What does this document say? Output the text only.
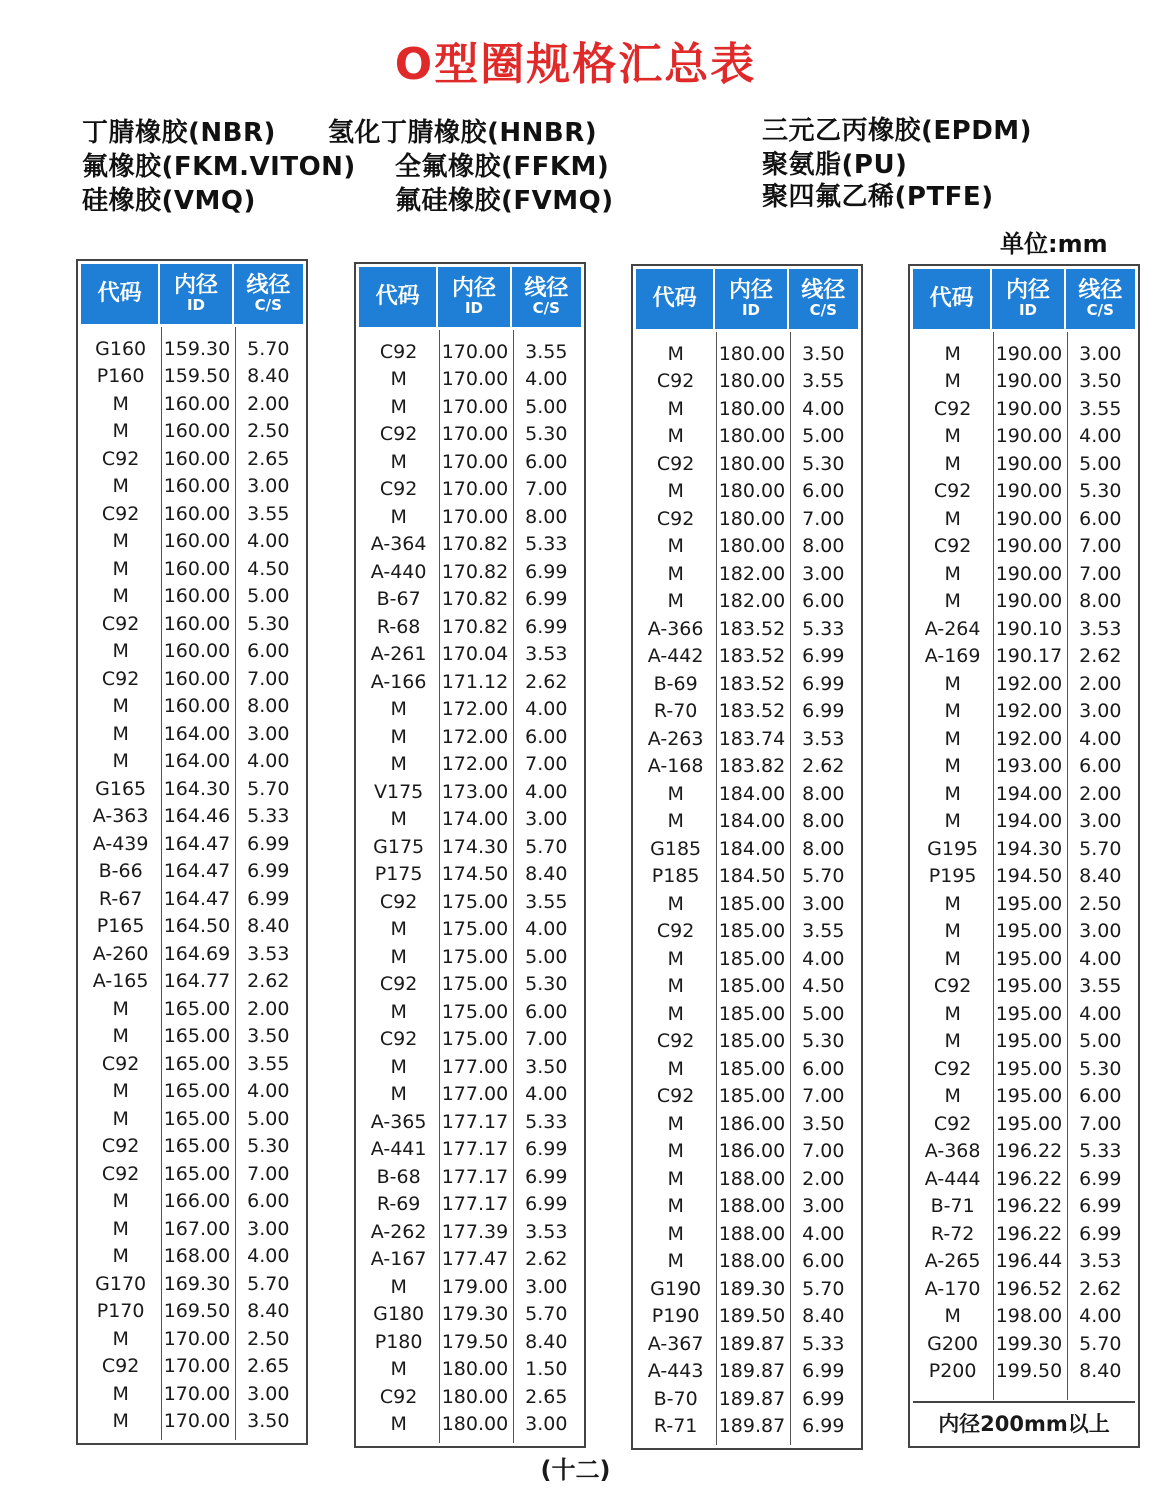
O型圈规格汇总表
丁腈橡胶(NBR) 氢化丁腈橡胶(HNBR)	三元乙丙橡胶(EPDM)
氟橡胶(FKM.VITON) 全氟橡胶(FFKM)	聚氨脂(PU)
硅橡胶(VMQ)	氟硅橡胶(FVMQ)	聚四氟乙稀(PTFE)
单位:mm
代码 内径
ID
线径
C/S
G160 159.30 5.70
P160	159.50 8.40
M	160.00 2.00
M	160.00 2.50
C92	160.00 2.65
M	160.00 3.00
C92	160.00 3.55
M	160.00 4.00
M	160.00 4.50
M	160.00 5.00
C92	160.00 5.30
M	160.00 6.00
C92	160.00 7.00
M	160.00 8.00
M	164.00 3.00
M	164.00 4.00
G165 164.30 5.70
A-363 164.46 5.33
A-439 164.47 6.99
B-66	164.47 6.99
R-67	164.47 6.99
P165	164.50 8.40
A-260 164.69 3.53
A-165 164.77 2.62
M	165.00 2.00
M	165.00 3.50
C92	165.00 3.55
M	165.00 4.00
M	165.00 5.00
C92	165.00 5.30
C92	165.00 7.00
M	166.00 6.00
M	167.00 3.00
M	168.00 4.00
G170 169.30 5.70
P170	169.50 8.40
M	170.00 2.50
C92	170.00 2.65
M	170.00 3.00
M	170.00 3.50
代码 内径
ID
线径
C/S
C92	170.00 3.55
M	170.00 4.00
M	170.00 5.00
C92	170.00 5.30
M	170.00 6.00
C92	170.00 7.00
M	170.00 8.00
A-364 170.82 5.33
A-440 170.82 6.99
B-67	170.82 6.99
R-68	170.82 6.99
A-261 170.04 3.53
A-166 171.12 2.62
M	172.00 4.00
M	172.00 6.00
M	172.00 7.00
V175 173.00 4.00
M	174.00 3.00
G175 174.30 5.70
P175	174.50 8.40
C92	175.00 3.55
M	175.00 4.00
M	175.00 5.00
C92	175.00 5.30
M	175.00 6.00
C92	175.00 7.00
M	177.00 3.50
M	177.00 4.00
A-365 177.17 5.33
A-441 177.17 6.99
B-68	177.17 6.99
R-69	177.17 6.99
A-262 177.39 3.53
A-167 177.47 2.62
M	179.00 3.00
G180 179.30 5.70
P180	179.50 8.40
M	180.00 1.50
C92	180.00 2.65
M	180.00 3.00
代码 内径
ID
线径
C/S
M	180.00 3.50
C92	180.00 3.55
M	180.00 4.00
M	180.00 5.00
C92	180.00 5.30
M	180.00 6.00
C92	180.00 7.00
M	180.00 8.00
M	182.00 3.00
M	182.00 6.00
A-366 183.52 5.33
A-442 183.52 6.99
B-69	183.52 6.99
R-70	183.52 6.99
A-263 183.74 3.53
A-168 183.82 2.62
M	184.00 8.00
M	184.00 8.00
G185 184.00 8.00
P185	184.50 5.70
M	185.00 3.00
C92	185.00 3.55
M	185.00 4.00
M	185.00 4.50
M	185.00 5.00
C92	185.00 5.30
M	185.00 6.00
C92	185.00 7.00
M	186.00 3.50
M	186.00 7.00
M	188.00 2.00
M	188.00 3.00
M	188.00 4.00
M	188.00 6.00
G190 189.30 5.70
P190	189.50 8.40
A-367 189.87 5.33
A-443 189.87 6.99
B-70	189.87 6.99
R-71	189.87 6.99
代码 内径
ID
线径
C/S
M	190.00 3.00
M	190.00 3.50
C92	190.00 3.55
M	190.00 4.00
M	190.00 5.00
C92	190.00 5.30
M	190.00 6.00
C92	190.00 7.00
M	190.00 7.00
M	190.00 8.00
A-264 190.10 3.53
A-169 190.17 2.62
M	192.00 2.00
M	192.00 3.00
M	192.00 4.00
M	193.00 6.00
M	194.00 2.00
M	194.00 3.00
G195 194.30 5.70
P195	194.50 8.40
M	195.00 2.50
M	195.00 3.00
M	195.00 4.00
C92	195.00 3.55
M	195.00 4.00
M	195.00 5.00
C92	195.00 5.30
M	195.00 6.00
C92	195.00 7.00
A-368 196.22 5.33
A-444 196.22 6.99
B-71	196.22 6.99
R-72	196.22 6.99
A-265 196.44 3.53
A-170 196.52 2.62
M	198.00 4.00
G200 199.30 5.70
P200	199.50 8.40
内径200mm以上
(十二)
